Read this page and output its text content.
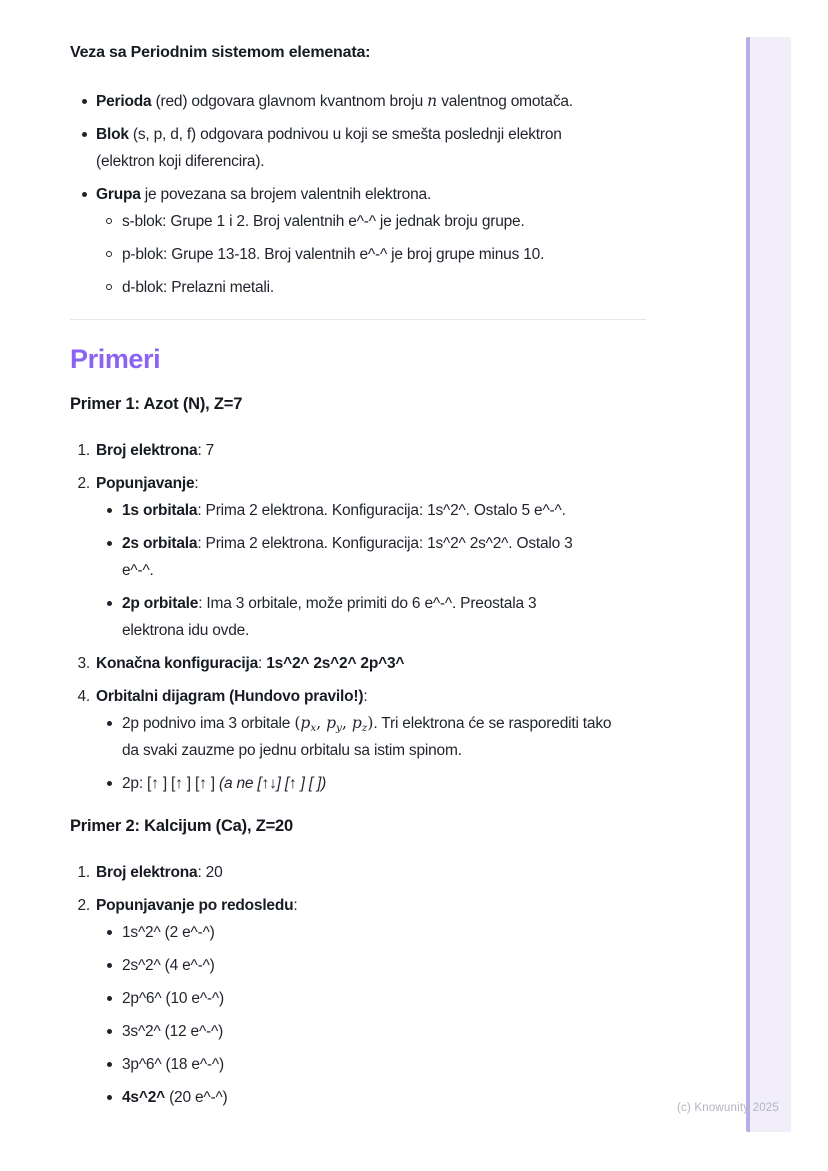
Veza sa Periodnim sistemom elemenata:

Perioda (red) odgovara glavnom kvantnom broju n valentnog omotača.
Blok (s, p, d, f) odgovara podnivou u koji se smešta poslednji elektron
(elektron koji diferencira).
Grupa je povezana sa brojem valentnih elektrona.
s-blok: Grupe 1 i 2. Broj valentnih e^-^ je jednak broju grupe.
p-blok: Grupe 13-18. Broj valentnih e^-^ je broj grupe minus 10.
d-blok: Prelazni metali.
Primeri
Primer 1: Azot (N), Z=7
Broj elektrona: 7
Popunjavanje:
1s orbitala: Prima 2 elektrona. Konfiguracija: 1s^2^. Ostalo 5 e^-^.
2s orbitala: Prima 2 elektrona. Konfiguracija: 1s^2^ 2s^2^. Ostalo 3
e^-^.
2p orbitale: Ima 3 orbitale, može primiti do 6 e^-^. Preostala 3
elektrona idu ovde.
Konačna konfiguracija: 1s^2^ 2s^2^ 2p^3^
Orbitalni dijagram (Hundovo pravilo!):
2p podnivo ima 3 orbitale ($p_x$, $p_y$, $p_z$). Tri elektrona će se rasporediti tako
da svaki zauzme po jednu orbitalu sa istim spinom.
2p: [↑ ] [↑ ] [↑ ] (a ne [↑↓] [↑ ] [ ])
Primer 2: Kalcijum (Ca), Z=20
Broj elektrona: 20
Popunjavanje po redosledu:
1s^2^ (2 e^-^)
2s^2^ (4 e^-^)
2p^6^ (10 e^-^)
3s^2^ (12 e^-^)
3p^6^ (18 e^-^)
4s^2^ (20 e^-^)
(c) Knowunity 2025
